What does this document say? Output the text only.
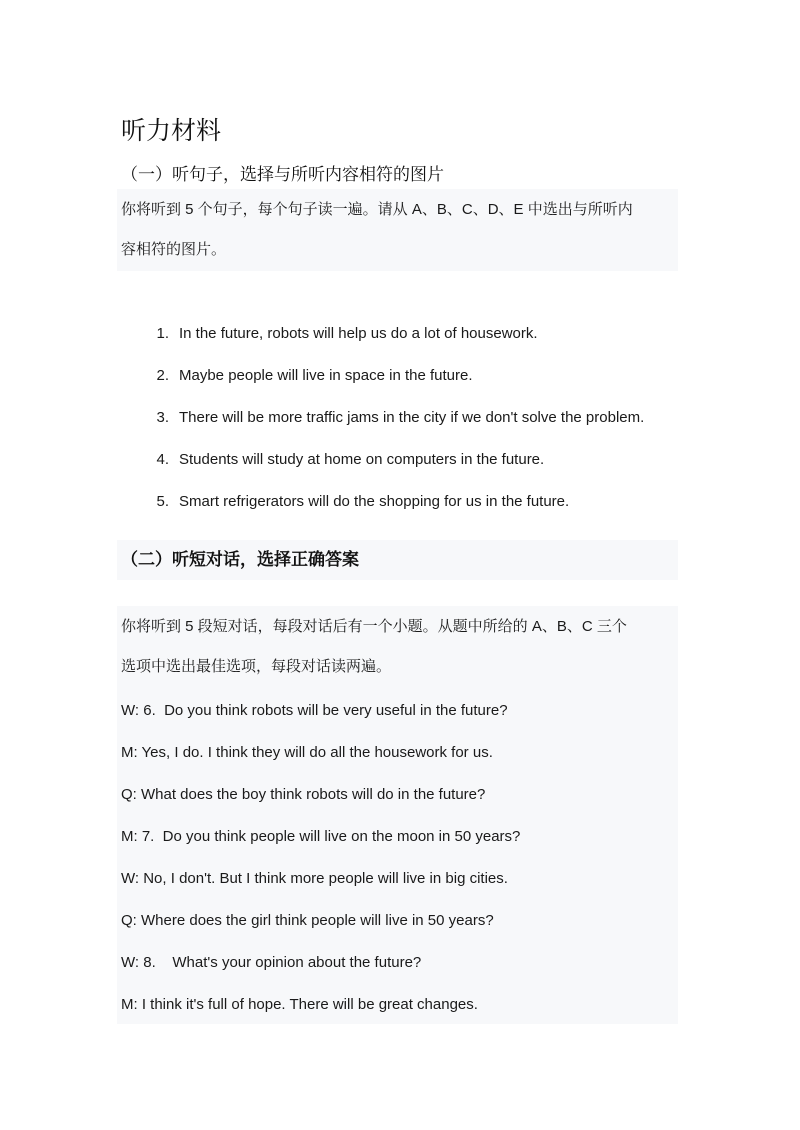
听力材料
（一）听句子，选择与所听内容相符的图片

你将听到 5 个句子，每个句子读一遍。请从 A、B、C、D、E 中选出与所听内

容相符的图片。

1. In the future, robots will help us do a lot of housework.
2. Maybe people will live in space in the future.
3. There will be more traffic jams in the city if we don't solve the problem.
4. Students will study at home on computers in the future.
5. Smart refrigerators will do the shopping for us in the future.
（二）听短对话，选择正确答案

你将听到 5 段短对话，每段对话后有一个小题。从题中所给的 A、B、C 三个

选项中选出最佳选项，每段对话读两遍。

W: 6.  Do you think robots will be very useful in the future?
M: Yes, I do. I think they will do all the housework for us.
Q: What does the boy think robots will do in the future?
M: 7.  Do you think people will live on the moon in 50 years?
W: No, I don't. But I think more people will live in big cities.
Q: Where does the girl think people will live in 50 years?
W: 8.    What's your opinion about the future?
M: I think it's full of hope. There will be great changes.
